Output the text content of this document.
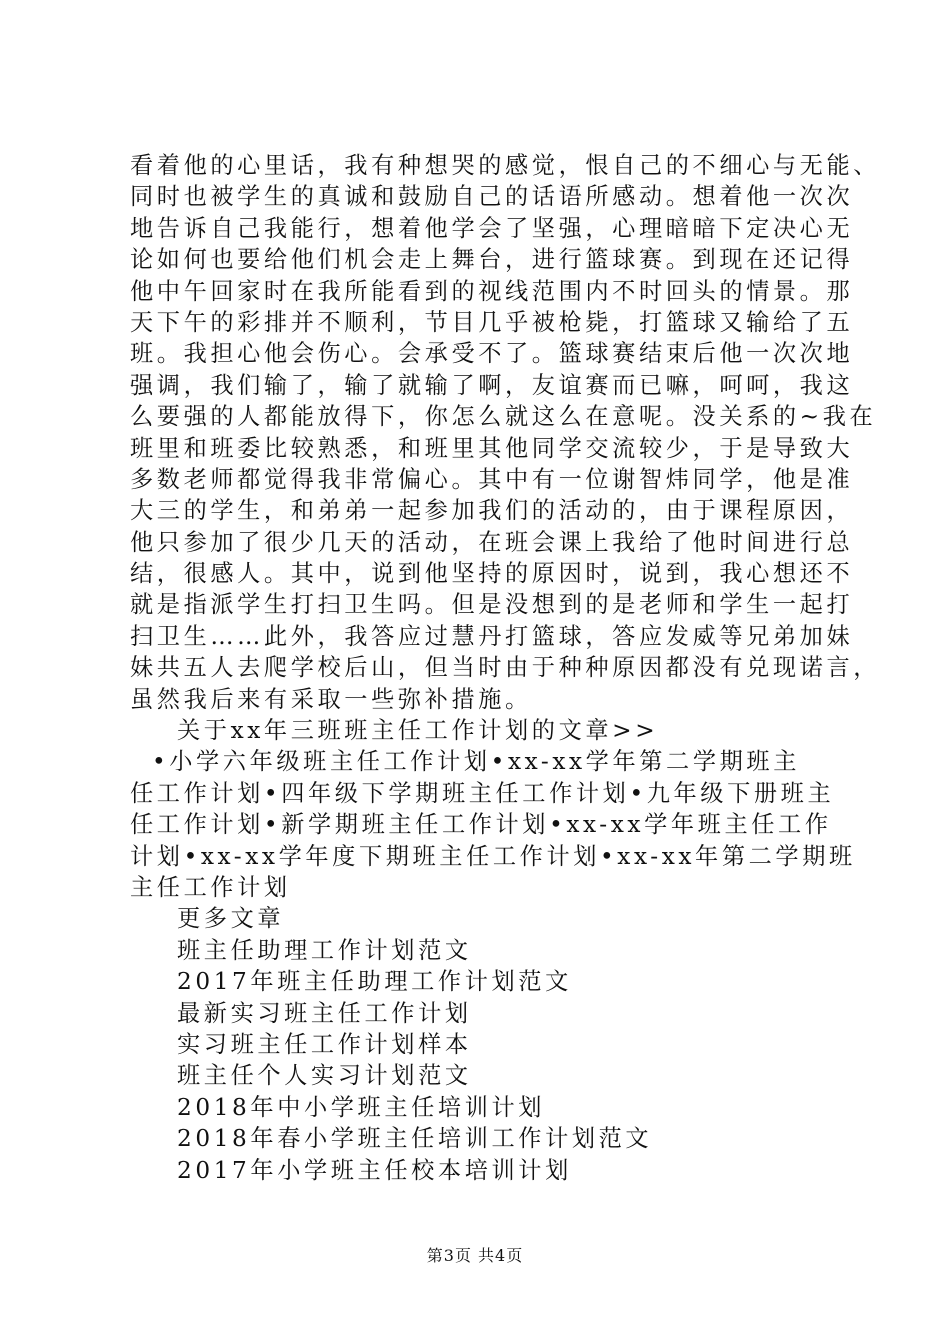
看着他的心里话，我有种想哭的感觉，恨自己的不细心与无能、
同时也被学生的真诚和鼓励自己的话语所感动。想着他一次次
地告诉自己我能行，想着他学会了坚强，心理暗暗下定决心无
论如何也要给他们机会走上舞台，进行篮球赛。到现在还记得
他中午回家时在我所能看到的视线范围内不时回头的情景。那
天下午的彩排并不顺利，节目几乎被枪毙，打篮球又输给了五
班。我担心他会伤心。会承受不了。篮球赛结束后他一次次地
强调，我们输了，输了就输了啊，友谊赛而已嘛，呵呵，我这
么要强的人都能放得下，你怎么就这么在意呢。没关系的~我在
班里和班委比较熟悉，和班里其他同学交流较少，于是导致大
多数老师都觉得我非常偏心。其中有一位谢智炜同学，他是准
大三的学生，和弟弟一起参加我们的活动的，由于课程原因，
他只参加了很少几天的活动，在班会课上我给了他时间进行总
结，很感人。其中，说到他坚持的原因时，说到，我心想还不
就是指派学生打扫卫生吗。但是没想到的是老师和学生一起打
扫卫生……此外，我答应过慧丹打篮球，答应发威等兄弟加妹
妹共五人去爬学校后山，但当时由于种种原因都没有兑现诺言，
虽然我后来有采取一些弥补措施。
关于xx年三班班主任工作计划的文章>>
•小学六年级班主任工作计划•xx-xx学年第二学期班主
任工作计划•四年级下学期班主任工作计划•九年级下册班主
任工作计划•新学期班主任工作计划•xx-xx学年班主任工作
计划•xx-xx学年度下期班主任工作计划•xx-xx年第二学期班
主任工作计划
更多文章
班主任助理工作计划范文
2017年班主任助理工作计划范文
最新实习班主任工作计划
实习班主任工作计划样本
班主任个人实习计划范文
2018年中小学班主任培训计划
2018年春小学班主任培训工作计划范文
2017年小学班主任校本培训计划
第3页 共4页
